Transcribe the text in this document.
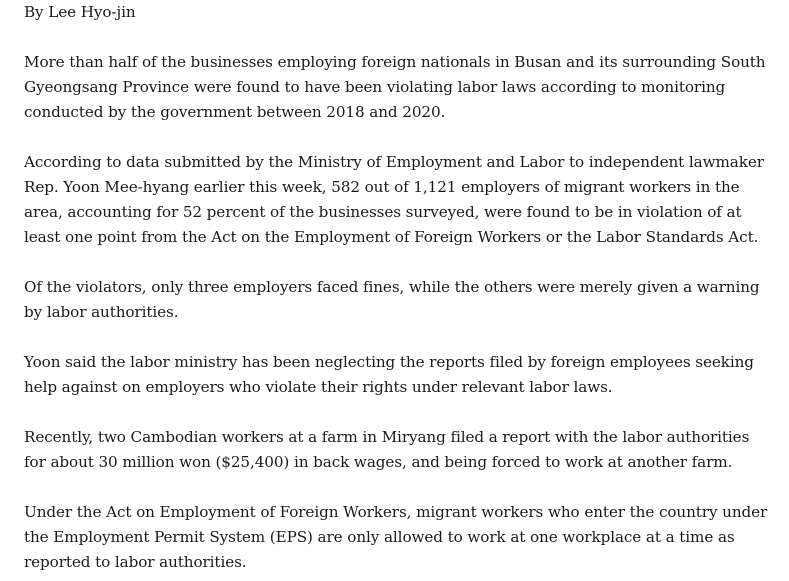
By Lee Hyo-jin

More than half of the businesses employing foreign nationals in Busan and its surrounding South Gyeongsang Province were found to have been violating labor laws according to monitoring conducted by the government between 2018 and 2020.

According to data submitted by the Ministry of Employment and Labor to independent lawmaker Rep. Yoon Mee-hyang earlier this week, 582 out of 1,121 employers of migrant workers in the area, accounting for 52 percent of the businesses surveyed, were found to be in violation of at least one point from the Act on the Employment of Foreign Workers or the Labor Standards Act.

Of the violators, only three employers faced fines, while the others were merely given a warning by labor authorities.

Yoon said the labor ministry has been neglecting the reports filed by foreign employees seeking help against on employers who violate their rights under relevant labor laws.

Recently, two Cambodian workers at a farm in Miryang filed a report with the labor authorities for about 30 million won ($25,400) in back wages, and being forced to work at another farm.

Under the Act on Employment of Foreign Workers, migrant workers who enter the country under the Employment Permit System (EPS) are only allowed to work at one workplace at a time as reported to labor authorities.
